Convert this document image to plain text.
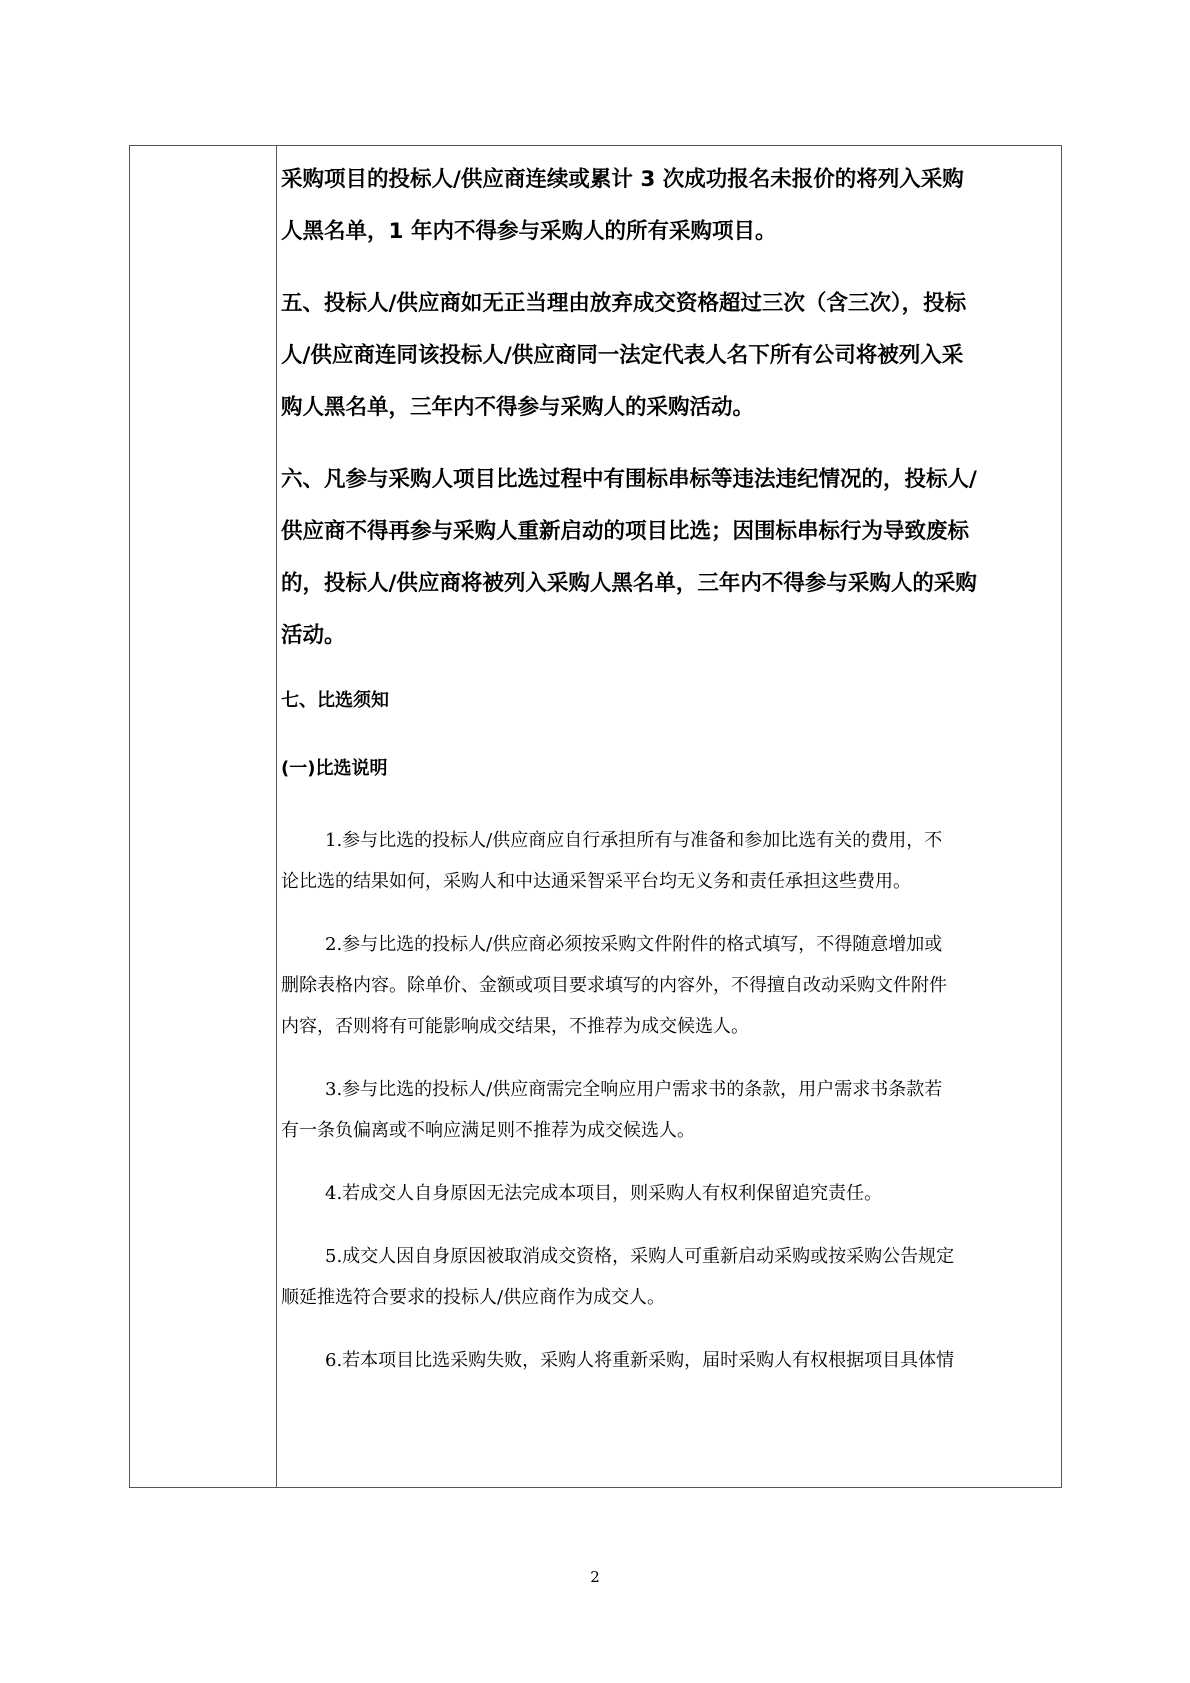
采购项目的投标人/供应商连续或累计 3 次成功报名未报价的将列入采购
人黑名单，1 年内不得参与采购人的所有采购项目。
五、投标人/供应商如无正当理由放弃成交资格超过三次（含三次），投标
人/供应商连同该投标人/供应商同一法定代表人名下所有公司将被列入采
购人黑名单，三年内不得参与采购人的采购活动。
六、凡参与采购人项目比选过程中有围标串标等违法违纪情况的，投标人/
供应商不得再参与采购人重新启动的项目比选；因围标串标行为导致废标
的，投标人/供应商将被列入采购人黑名单，三年内不得参与采购人的采购
活动。
七、比选须知
(一)比选说明
1.参与比选的投标人/供应商应自行承担所有与准备和参加比选有关的费用，不
论比选的结果如何，采购人和中达通采智采平台均无义务和责任承担这些费用。
2.参与比选的投标人/供应商必须按采购文件附件的格式填写，不得随意增加或
删除表格内容。除单价、金额或项目要求填写的内容外，不得擅自改动采购文件附件
内容，否则将有可能影响成交结果，不推荐为成交候选人。
3.参与比选的投标人/供应商需完全响应用户需求书的条款，用户需求书条款若
有一条负偏离或不响应满足则不推荐为成交候选人。
4.若成交人自身原因无法完成本项目，则采购人有权利保留追究责任。
5.成交人因自身原因被取消成交资格，采购人可重新启动采购或按采购公告规定
顺延推选符合要求的投标人/供应商作为成交人。
6.若本项目比选采购失败，采购人将重新采购，届时采购人有权根据项目具体情
2
